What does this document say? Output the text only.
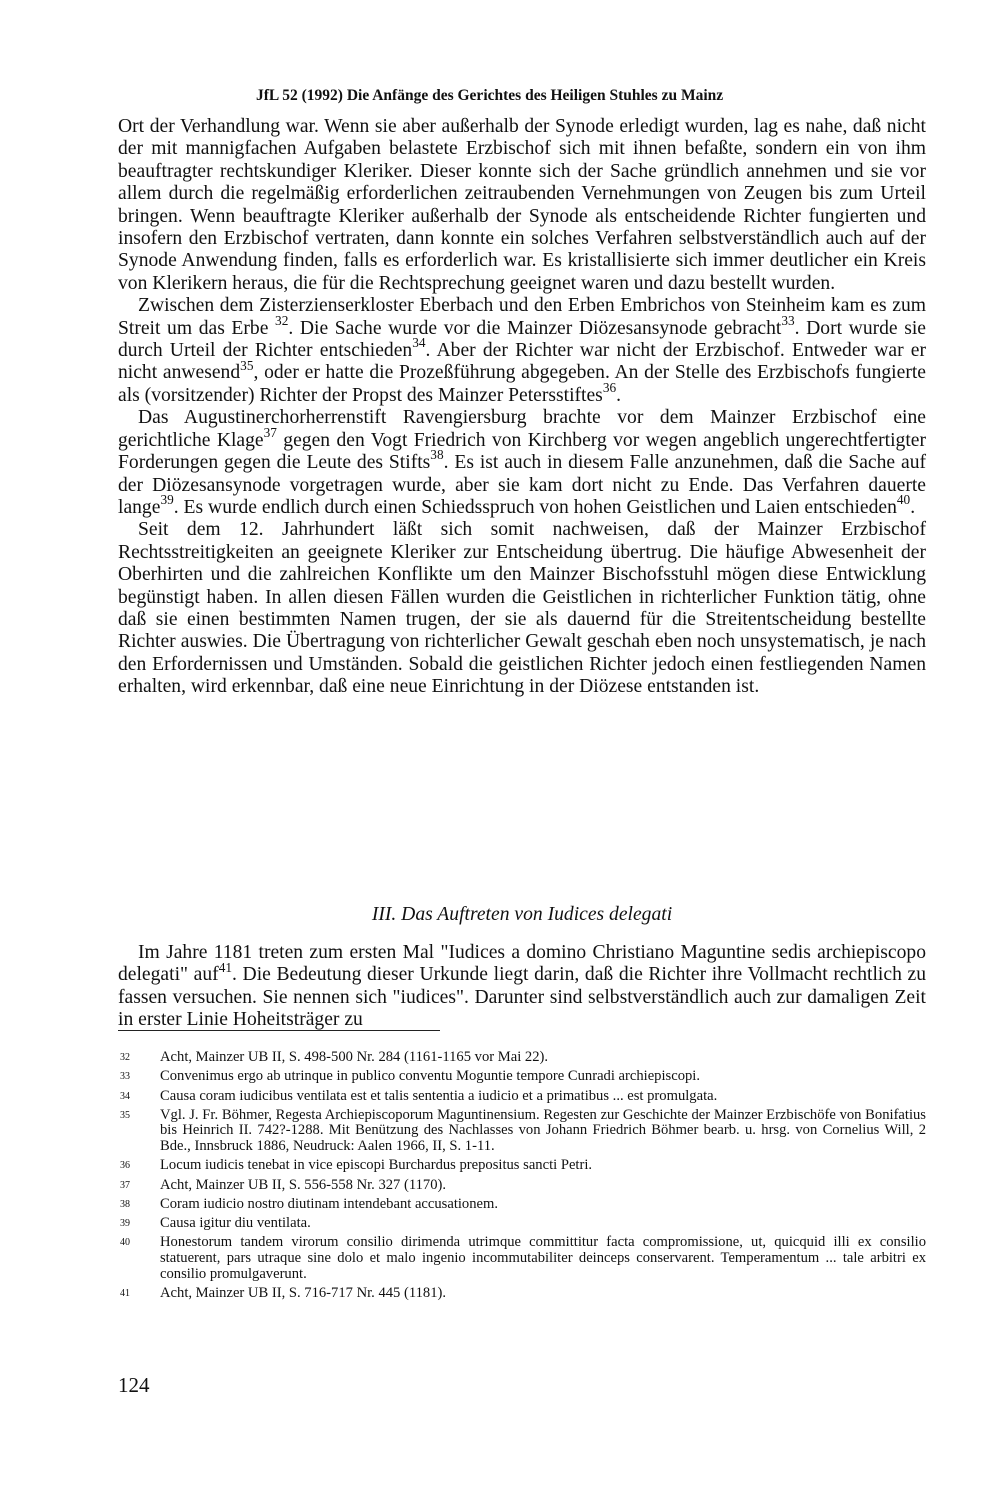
JfL 52 (1992) Die Anfänge des Gerichtes des Heiligen Stuhles zu Mainz

Ort der Verhandlung war. Wenn sie aber außerhalb der Synode erledigt wurden, lag es nahe, daß nicht der mit mannigfachen Aufgaben belastete Erzbischof sich mit ihnen befaßte, sondern ein von ihm beauftragter rechtskundiger Kleriker. Dieser konnte sich der Sache gründlich annehmen und sie vor allem durch die regelmäßig erforderlichen zeitraubenden Vernehmungen von Zeugen bis zum Urteil bringen. Wenn beauftragte Kleriker außerhalb der Synode als entscheidende Richter fungierten und insofern den Erzbischof vertraten, dann konnte ein solches Verfahren selbstverständlich auch auf der Synode Anwendung finden, falls es erforderlich war. Es kristallisierte sich immer deutlicher ein Kreis von Klerikern heraus, die für die Rechtsprechung geeignet waren und dazu bestellt wurden.

Zwischen dem Zisterzienserkloster Eberbach und den Erben Embrichos von Steinheim kam es zum Streit um das Erbe $^{32}$. Die Sache wurde vor die Mainzer Diözesansynode gebracht$^{33}$. Dort wurde sie durch Urteil der Richter entschieden$^{34}$. Aber der Richter war nicht der Erzbischof. Entweder war er nicht anwesend$^{35}$, oder er hatte die Prozeßführung abgegeben. An der Stelle des Erzbischofs fungierte als (vorsitzender) Richter der Propst des Mainzer Petersstiftes$^{36}$.

Das Augustinerchorherrenstift Ravengiersburg brachte vor dem Mainzer Erzbischof eine gerichtliche Klage$^{37}$ gegen den Vogt Friedrich von Kirchberg vor wegen angeblich ungerechtfertigter Forderungen gegen die Leute des Stifts$^{38}$. Es ist auch in diesem Falle anzunehmen, daß die Sache auf der Diözesansynode vorgetragen wurde, aber sie kam dort nicht zu Ende. Das Verfahren dauerte lange$^{39}$. Es wurde endlich durch einen Schiedsspruch von hohen Geistlichen und Laien entschieden$^{40}$.

Seit dem 12. Jahrhundert läßt sich somit nachweisen, daß der Mainzer Erzbischof Rechtsstreitigkeiten an geeignete Kleriker zur Entscheidung übertrug. Die häufige Abwesenheit der Oberhirten und die zahlreichen Konflikte um den Mainzer Bischofsstuhl mögen diese Entwicklung begünstigt haben. In allen diesen Fällen wurden die Geistlichen in richterlicher Funktion tätig, ohne daß sie einen bestimmten Namen trugen, der sie als dauernd für die Streitentscheidung bestellte Richter auswies. Die Übertragung von richterlicher Gewalt geschah eben noch unsystematisch, je nach den Erfordernissen und Umständen. Sobald die geistlichen Richter jedoch einen festliegenden Namen erhalten, wird erkennbar, daß eine neue Einrichtung in der Diözese entstanden ist.

III. Das Auftreten von Iudices delegati

Im Jahre 1181 treten zum ersten Mal "Iudices a domino Christiano Maguntine sedis archiepiscopo delegati" auf$^{41}$. Die Bedeutung dieser Urkunde liegt darin, daß die Richter ihre Vollmacht rechtlich zu fassen versuchen. Sie nennen sich "iudices". Darunter sind selbstverständlich auch zur damaligen Zeit in erster Linie Hoheitsträger zu

32	Acht, Mainzer UB II, S. 498-500 Nr. 284 (1161-1165 vor Mai 22).
33	Convenimus ergo ab utrinque in publico conventu Moguntie tempore Cunradi archiepiscopi.
34	Causa coram iudicibus ventilata est et talis sententia a iudicio et a primatibus ... est promulgata.
35	Vgl. J. Fr. Böhmer, Regesta Archiepiscoporum Maguntinensium. Regesten zur Geschichte der Mainzer Erzbischöfe von Bonifatius bis Heinrich II. 742?-1288. Mit Benützung des Nachlasses von Johann Friedrich Böhmer bearb. u. hrsg. von Cornelius Will, 2 Bde., Innsbruck 1886, Neudruck: Aalen 1966, II, S. 1-11.
36	Locum iudicis tenebat in vice episcopi Burchardus prepositus sancti Petri.
37	Acht, Mainzer UB II, S. 556-558 Nr. 327 (1170).
38	Coram iudicio nostro diutinam intendebant accusationem.
39	Causa igitur diu ventilata.
40	Honestorum tandem virorum consilio dirimenda utrimque committitur facta compromissione, ut, quicquid illi ex consilio statuerent, pars utraque sine dolo et malo ingenio incommutabiliter deinceps conservarent. Temperamentum ... tale arbitri ex consilio promulgaverunt.
41	Acht, Mainzer UB II, S. 716-717 Nr. 445 (1181).
124
